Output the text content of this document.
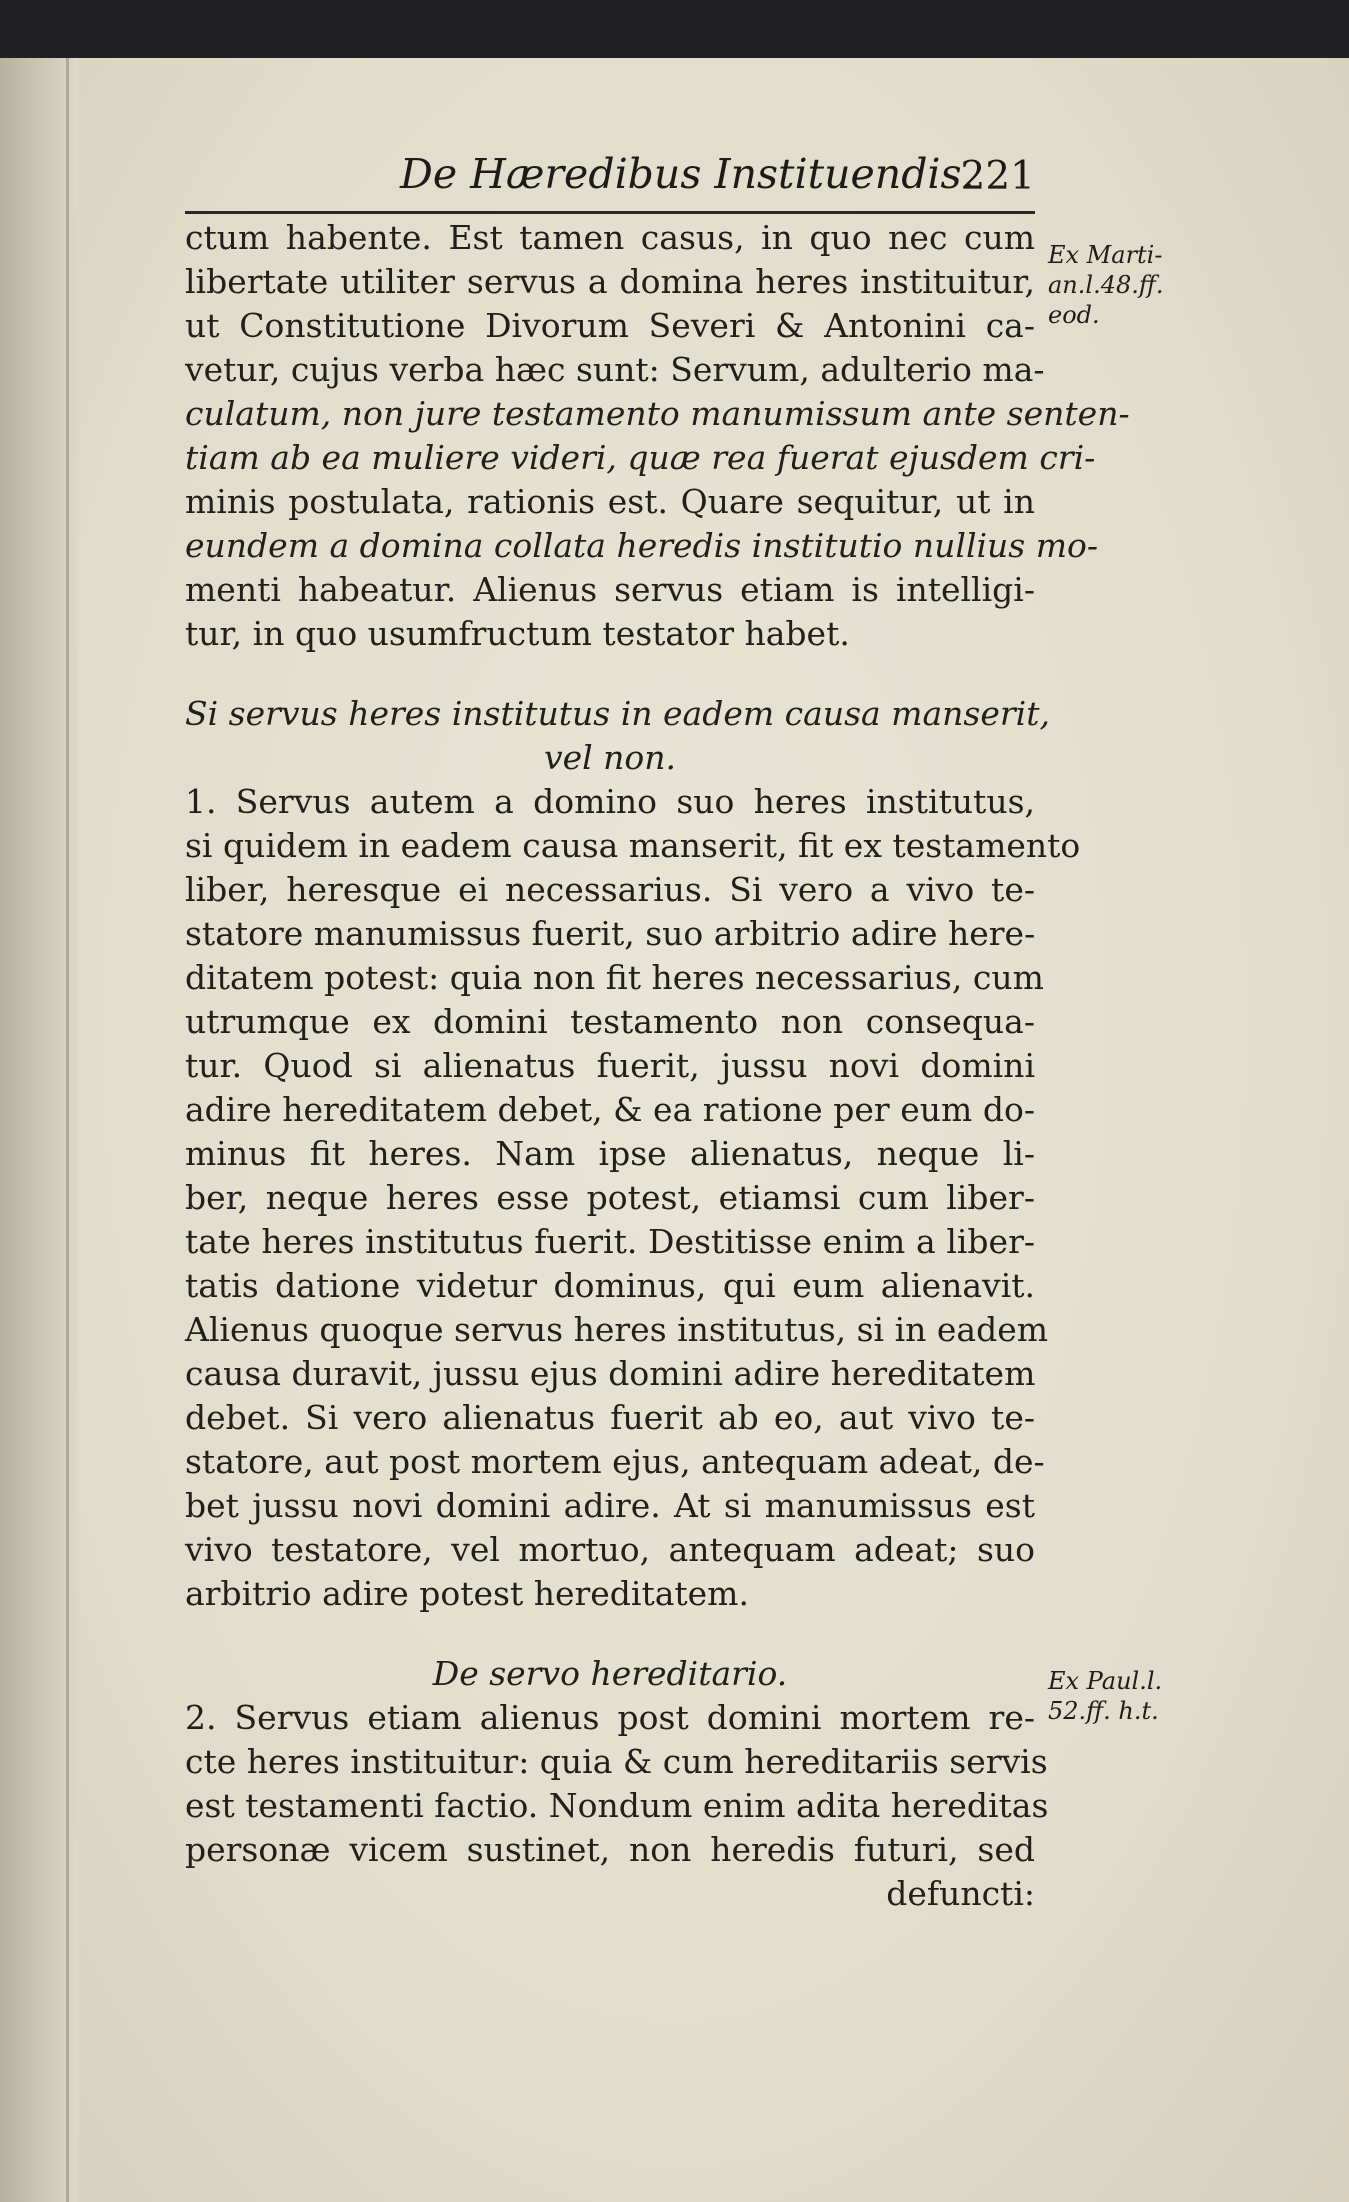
De Hæredibus Instituendis.
221
Ex Marti-
an.l.48.ff.
eod.
Ex Paul.l.
52.ff. h.t.
ctum habente. Est tamen casus, in quo nec cum
libertate utiliter servus a domina heres instituitur,
ut Constitutione Divorum Severi & Antonini ca-
vetur, cujus verba hæc sunt: Servum, adulterio ma-
culatum, non jure testamento manumissum ante senten-
tiam ab ea muliere videri, quæ rea fuerat ejusdem cri-
minis postulata, rationis est. Quare sequitur, ut in
eundem a domina collata heredis institutio nullius mo-
menti habeatur. Alienus servus etiam is intelligi-
tur, in quo usumfructum testator habet.
Si servus heres institutus in eadem causa manserit,
vel non.
1. Servus autem a domino suo heres institutus,
si quidem in eadem causa manserit, fit ex testamento
liber, heresque ei necessarius. Si vero a vivo te-
statore manumissus fuerit, suo arbitrio adire here-
ditatem potest: quia non fit heres necessarius, cum
utrumque ex domini testamento non consequa-
tur. Quod si alienatus fuerit, jussu novi domini
adire hereditatem debet, & ea ratione per eum do-
minus fit heres. Nam ipse alienatus, neque li-
ber, neque heres esse potest, etiamsi cum liber-
tate heres institutus fuerit. Destitisse enim a liber-
tatis datione videtur dominus, qui eum alienavit.
Alienus quoque servus heres institutus, si in eadem
causa duravit, jussu ejus domini adire hereditatem
debet. Si vero alienatus fuerit ab eo, aut vivo te-
statore, aut post mortem ejus, antequam adeat, de-
bet jussu novi domini adire. At si manumissus est
vivo testatore, vel mortuo, antequam adeat; suo
arbitrio adire potest hereditatem.
De servo hereditario.
2. Servus etiam alienus post domini mortem re-
cte heres instituitur: quia & cum hereditariis servis
est testamenti factio. Nondum enim adita hereditas
personæ vicem sustinet, non heredis futuri, sed
defuncti:
